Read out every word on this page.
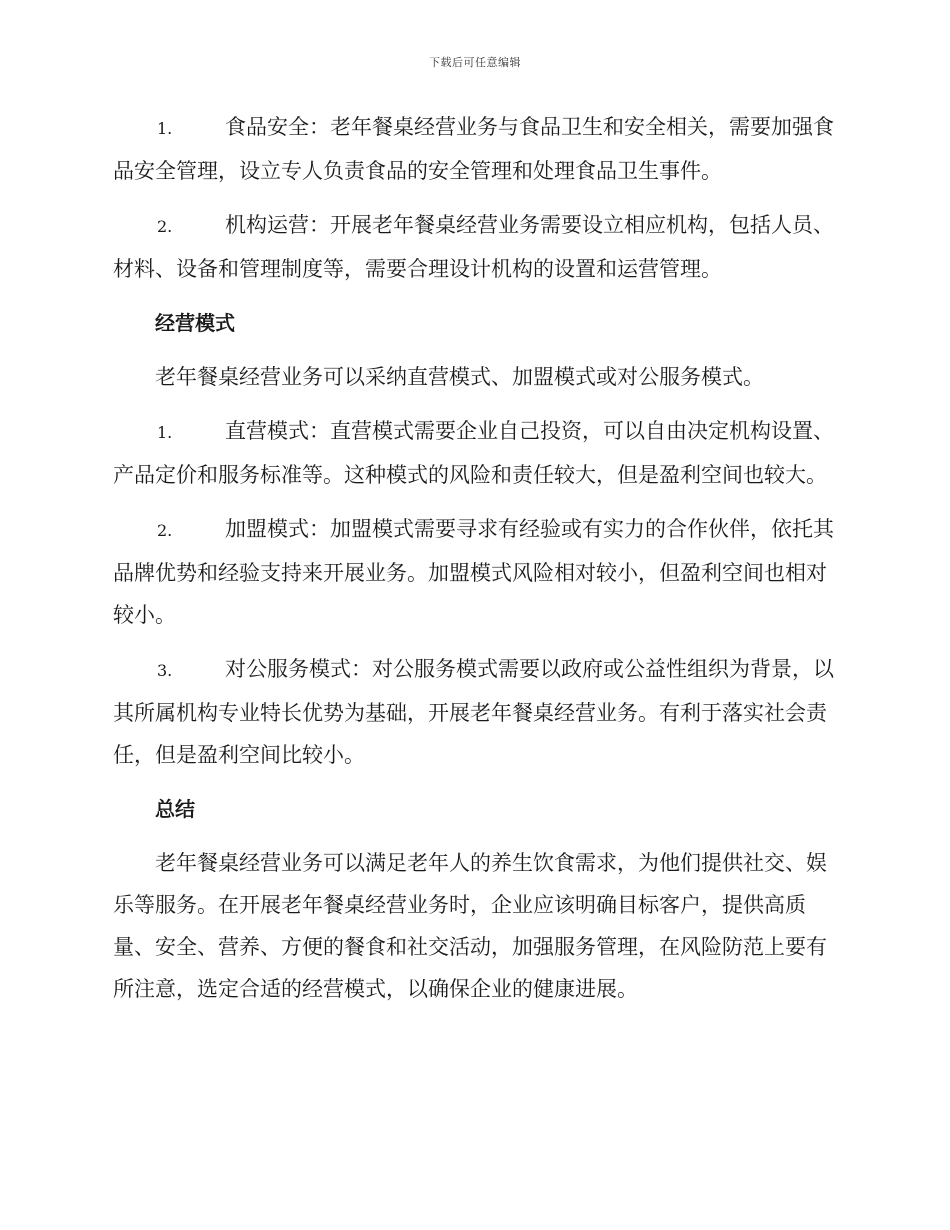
下载后可任意编辑

1.	食品安全：老年餐桌经营业务与食品卫生和安全相关，需要加强食品安全管理，设立专人负责食品的安全管理和处理食品卫生事件。

2.	机构运营：开展老年餐桌经营业务需要设立相应机构，包括人员、材料、设备和管理制度等，需要合理设计机构的设置和运营管理。

经营模式

老年餐桌经营业务可以采纳直营模式、加盟模式或对公服务模式。

1.	直营模式：直营模式需要企业自己投资，可以自由决定机构设置、产品定价和服务标准等。这种模式的风险和责任较大，但是盈利空间也较大。

2.	加盟模式：加盟模式需要寻求有经验或有实力的合作伙伴，依托其品牌优势和经验支持来开展业务。加盟模式风险相对较小，但盈利空间也相对较小。

3.	对公服务模式：对公服务模式需要以政府或公益性组织为背景，以其所属机构专业特长优势为基础，开展老年餐桌经营业务。有利于落实社会责任，但是盈利空间比较小。

总结

老年餐桌经营业务可以满足老年人的养生饮食需求，为他们提供社交、娱乐等服务。在开展老年餐桌经营业务时，企业应该明确目标客户，提供高质量、安全、营养、方便的餐食和社交活动，加强服务管理，在风险防范上要有所注意，选定合适的经营模式，以确保企业的健康进展。
